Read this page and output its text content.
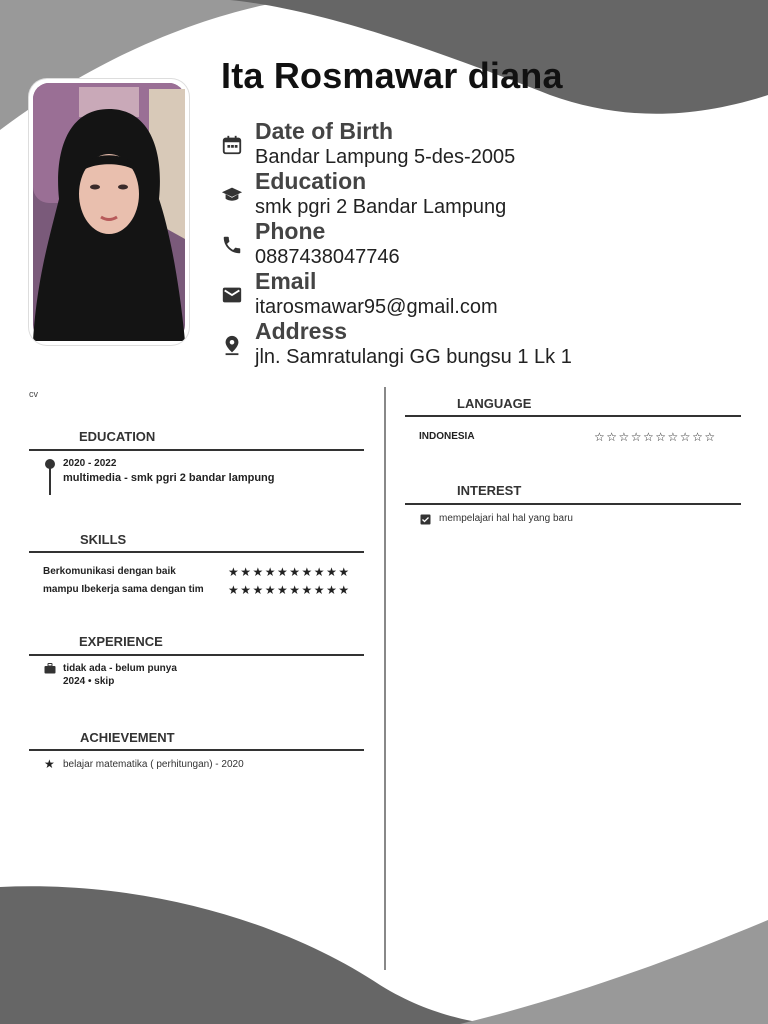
Ita Rosmawar diana
Date of Birth
Bandar Lampung 5-des-2005
Education
smk pgri 2 Bandar Lampung
Phone
0887438047746
Email
itarosmawar95@gmail.com
Address
jln. Samratulangi GG bungsu 1 Lk 1
cv
EDUCATION
2020 - 2022
multimedia - smk pgri 2 bandar lampung
SKILLS
Berkomunikasi dengan baik	★★★★★★★★★★
mampu Ibekerja sama dengan tim ★★★★★★★★★★
EXPERIENCE
tidak ada - belum punya
2024 • skip
ACHIEVEMENT
★ belajar matematika ( perhitungan) - 2020
LANGUAGE
INDONESIA	☆☆☆☆☆☆☆☆☆☆
INTEREST
mempelajari hal hal yang baru
